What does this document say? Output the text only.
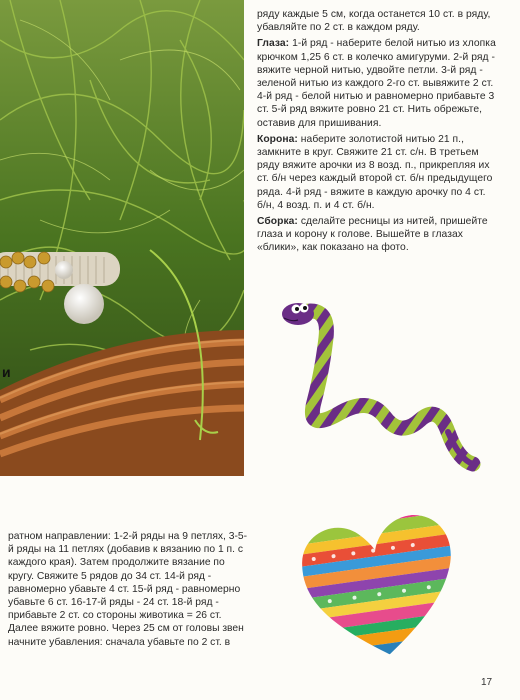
и

ряду каждые 5 см, когда останется 10 ст. в ряду, убавляйте по 2 ст. в каждом ряду.

Глаза: 1-й ряд - наберите белой нитью из хлопка крючком 1,25 6 ст. в колечко амигуруми. 2-й ряд - вяжите черной нитью, удвойте петли. 3-й ряд - зеленой нитью из каждого 2-го ст. вывяжите 2 ст. 4-й ряд - белой нитью и равномерно прибавьте 3 ст. 5-й ряд вяжите ровно 21 ст. Нить обрежьте, оставив для пришивания.

Корона: наберите золотистой нитью 21 п., замкните в круг. Свяжите 21 ст. с/н. В третьем ряду вяжите арочки из 8 возд. п., прикрепляя их ст. б/н через каждый второй ст. б/н предыдущего ряда. 4-й ряд - вяжите в каждую арочку по 4 ст. б/н, 4 возд. п. и 4 ст. б/н.

Сборка: сделайте ресницы из нитей, пришейте глаза и корону к голове. Вышейте в глазах «блики», как показано на фото.

ратном направлении: 1-2-й ряды на 9 петлях, 3-5-й ряды на 11 петлях (добавив к вязанию по 1 п. с каждого края). Затем продолжите вязание по кругу. Свяжите 5 рядов до 34 ст. 14-й ряд - равномерно убавьте 4 ст. 15-й ряд - равномерно убавьте 6 ст. 16-17-й ряды - 24 ст. 18-й ряд - прибавьте 2 ст. со стороны животика = 26 ст. Далее вяжите ровно. Через 25 см от головы звен начните убавления: сначала убавьте по 2 ст. в

17
